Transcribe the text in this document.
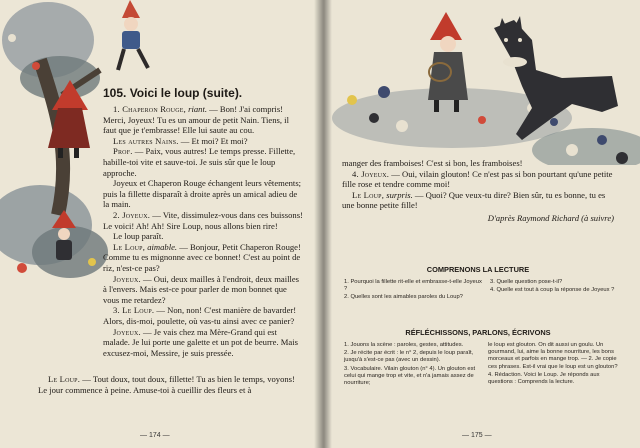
105. Voici le loup (suite).

1. Chaperon Rouge, riant. — Bon! J'ai compris! Merci, Joyeux! Tu es un amour de petit Nain. Tiens, il faut que je t'embrasse! Elle lui saute au cou.

Les autres Nains. — Et moi? Et moi?

Prof. — Paix, vous autres! Le temps presse. Fillette, habille-toi vite et sauve-toi. Je suis sûr que le loup approche.

Joyeux et Chaperon Rouge échangent leurs vêtements; puis la fillette disparaît à droite après un amical adieu de la main.

2. Joyeux. — Vite, dissimulez-vous dans ces buissons! Le voici! Ah! Ah! Sire Loup, nous allons bien rire!

Le loup paraît.

Le Loup, aimable. — Bonjour, Petit Chaperon Rouge! Comme tu es mignonne avec ce bonnet! C'est au point de riz, n'est-ce pas?

Joyeux. — Oui, deux mailles à l'endroit, deux mailles à l'envers. Mais est-ce pour parler de mon bonnet que vous me retardez?

3. Le Loup. — Non, non! C'est manière de bavarder! Alors, dis-moi, poulette, où vas-tu ainsi avec ce panier?

Joyeux. — Je vais chez ma Mère-Grand qui est malade. Je lui porte une galette et un pot de beurre. Mais excusez-moi, Messire, je suis pressée.

Le Loup. — Tout doux, tout doux, fillette! Tu as bien le temps, voyons! Le jour commence à peine. Amuse-toi à cueillir des fleurs et à

— 174 —

manger des framboises! C'est si bon, les framboises!

4. Joyeux. — Oui, vilain glouton! Ce n'est pas si bon pourtant qu'une petite fille rose et tendre comme moi!

Le Loup, surpris. — Quoi? Que veux-tu dire? Bien sûr, tu es bonne, tu es une bonne petite fille!

D'après Raymond Richard (à suivre)

COMPRENONS LA LECTURE

1. Pourquoi la fillette rit-elle et embrasse-t-elle Joyeux ?

2. Quelles sont les aimables paroles du Loup?

3. Quelle question pose-t-il?

4. Quelle est tout à coup la réponse de Joyeux ?

RÉFLÉCHISSONS, PARLONS, ÉCRIVONS

1. Jouons la scène : paroles, gestes, attitudes.

2. Je récite par écrit : le n° 2, depuis le loup paraît, jusqu'à s'est-ce pas (avec un dessin).

3. Vocabulaire. Vilain glouton (n° 4). Un glouton est celui qui mange trop et vite, et n'a jamais assez de nourriture;

le loup est glouton. On dit aussi un goulu. Un gourmand, lui, aime la bonne nourriture, les bons morceaux et parfois en mange trop. — 2. Je copie ces phrases. Est-il vrai que le loup est un glouton?

4. Rédaction. Voici le Loup. Je réponds aux questions : Comprends la lecture.

— 175 —
